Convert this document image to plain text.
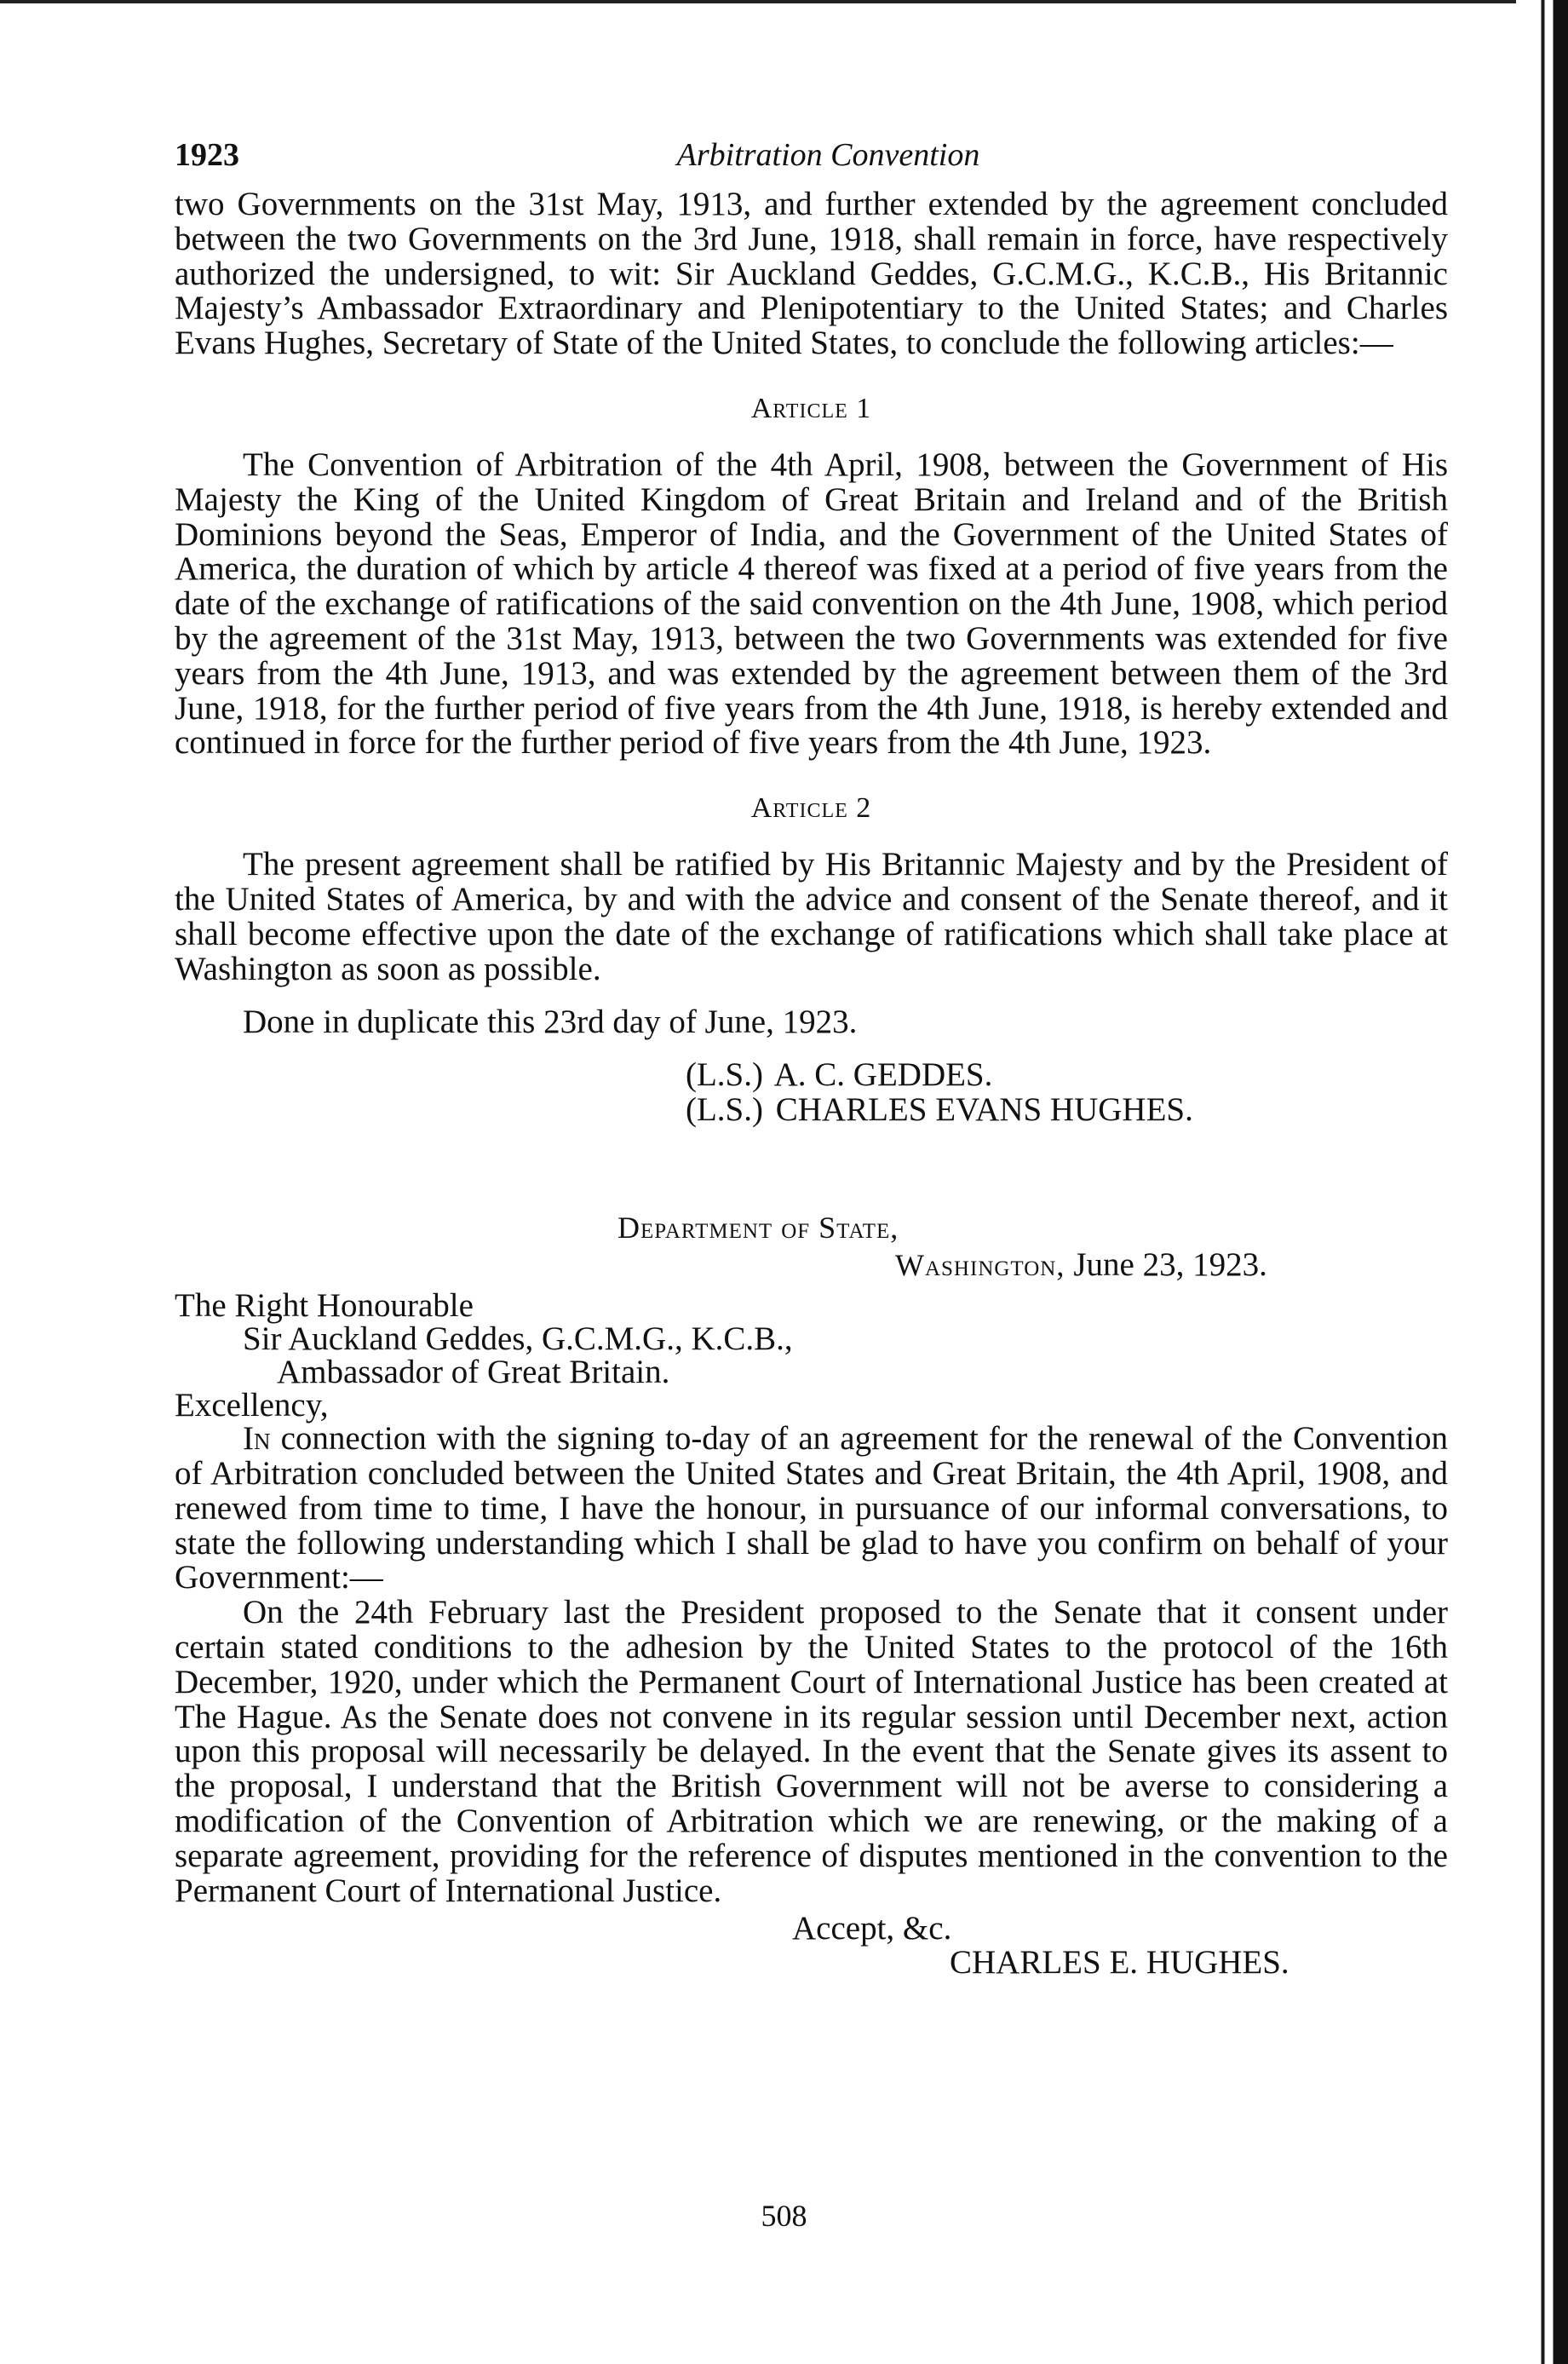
1923	Arbitration Convention

two Governments on the 31st May, 1913, and further extended by the agreement concluded between the two Governments on the 3rd June, 1918, shall remain in force, have respectively authorized the undersigned, to wit: Sir Auckland Geddes, G.C.M.G., K.C.B., His Britannic Majesty’s Ambassador Extraordinary and Plenipotentiary to the United States; and Charles Evans Hughes, Secretary of State of the United States, to conclude the following articles:—

Article 1

The Convention of Arbitration of the 4th April, 1908, between the Government of His Majesty the King of the United Kingdom of Great Britain and Ireland and of the British Dominions beyond the Seas, Emperor of India, and the Government of the United States of America, the duration of which by article 4 thereof was fixed at a period of five years from the date of the exchange of ratifications of the said convention on the 4th June, 1908, which period by the agreement of the 31st May, 1913, between the two Governments was extended for five years from the 4th June, 1913, and was extended by the agreement between them of the 3rd June, 1918, for the further period of five years from the 4th June, 1918, is hereby extended and continued in force for the further period of five years from the 4th June, 1923.

Article 2

The present agreement shall be ratified by His Britannic Majesty and by the President of the United States of America, by and with the advice and consent of the Senate thereof, and it shall become effective upon the date of the exchange of ratifications which shall take place at Washington as soon as possible.

Done in duplicate this 23rd day of June, 1923.

(L.S.) A. C. GEDDES.
(L.S.) CHARLES EVANS HUGHES.
Department of State,
Washington, June 23, 1923.
The Right Honourable
Sir Auckland Geddes, G.C.M.G., K.C.B.,
Ambassador of Great Britain.
Excellency,

In connection with the signing to-day of an agreement for the renewal of the Convention of Arbitration concluded between the United States and Great Britain, the 4th April, 1908, and renewed from time to time, I have the honour, in pursuance of our informal conversations, to state the following understanding which I shall be glad to have you confirm on behalf of your Government:—

On the 24th February last the President proposed to the Senate that it consent under certain stated conditions to the adhesion by the United States to the protocol of the 16th December, 1920, under which the Permanent Court of International Justice has been created at The Hague. As the Senate does not convene in its regular session until December next, action upon this proposal will necessarily be delayed. In the event that the Senate gives its assent to the proposal, I understand that the British Government will not be averse to considering a modification of the Convention of Arbitration which we are renewing, or the making of a separate agreement, providing for the reference of disputes mentioned in the convention to the Permanent Court of International Justice.

Accept, &c.
CHARLES E. HUGHES.
508
